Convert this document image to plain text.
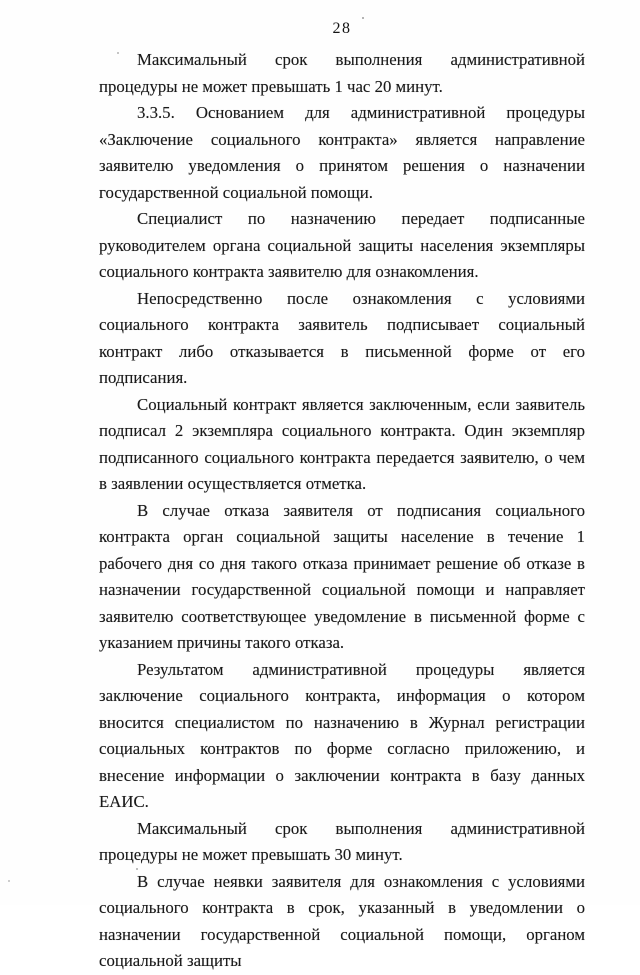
28

Максимальный срок выполнения административной процедуры не может превышать 1 час 20 минут.

3.3.5. Основанием для административной процедуры «Заключение социального контракта» является направление заявителю уведомления о принятом решения о назначении государственной социальной помощи.

Специалист по назначению передает подписанные руководителем органа социальной защиты населения экземпляры социального контракта заявителю для ознакомления.

Непосредственно после ознакомления с условиями социального контракта заявитель подписывает социальный контракт либо отказывается в письменной форме от его подписания.

Социальный контракт является заключенным, если заявитель подписал 2 экземпляра социального контракта. Один экземпляр подписанного социального контракта передается заявителю, о чем в заявлении осуществляется отметка.

В случае отказа заявителя от подписания социального контракта орган социальной защиты население в течение 1 рабочего дня со дня такого отказа принимает решение об отказе в назначении государственной социальной помощи и направляет заявителю соответствующее уведомление в письменной форме с указанием причины такого отказа.

Результатом административной процедуры является заключение социального контракта, информация о котором вносится специалистом по назначению в Журнал регистрации социальных контрактов по форме согласно приложению, и внесение информации о заключении контракта в базу данных ЕАИС.

Максимальный срок выполнения административной процедуры не может превышать 30 минут.

В случае неявки заявителя для ознакомления с условиями социального контракта в срок, указанный в уведомлении о назначении государственной социальной помощи, органом социальной защиты
